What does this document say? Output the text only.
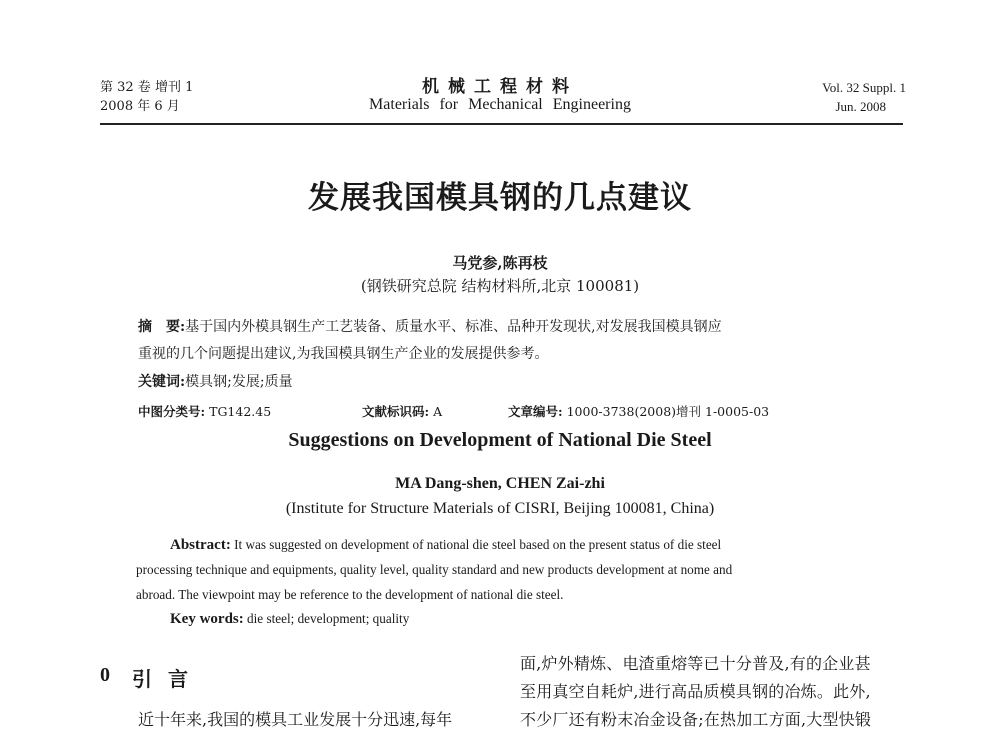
第 32 卷 增刊 1
2008 年 6 月
机械工程材料
Materials for Mechanical Engineering
Vol. 32 Suppl. 1
Jun. 2008
发展我国模具钢的几点建议
马党参,陈再枝
(钢铁研究总院 结构材料所,北京 100081)
摘　要:基于国内外模具钢生产工艺装备、质量水平、标准、品种开发现状,对发展我国模具钢应
重视的几个问题提出建议,为我国模具钢生产企业的发展提供参考。
关键词:模具钢;发展;质量
中图分类号: TG142.45	文献标识码: A	文章编号: 1000-3738(2008)增刊 1-0005-03
Suggestions on Development of National Die Steel
MA Dang-shen, CHEN Zai-zhi
(Institute for Structure Materials of CISRI, Beijing 100081, China)
Abstract: It was suggested on development of national die steel based on the present status of die steel
processing technique and equipments, quality level, quality standard and new products development at nome and
abroad. The viewpoint may be reference to the development of national die steel.
Key words: die steel; development; quality
0 引言
近十年来,我国的模具工业发展十分迅速,每年
面,炉外精炼、电渣重熔等已十分普及,有的企业甚
至用真空自耗炉,进行高品质模具钢的冶炼。此外,
不少厂还有粉末冶金设备;在热加工方面,大型快锻
